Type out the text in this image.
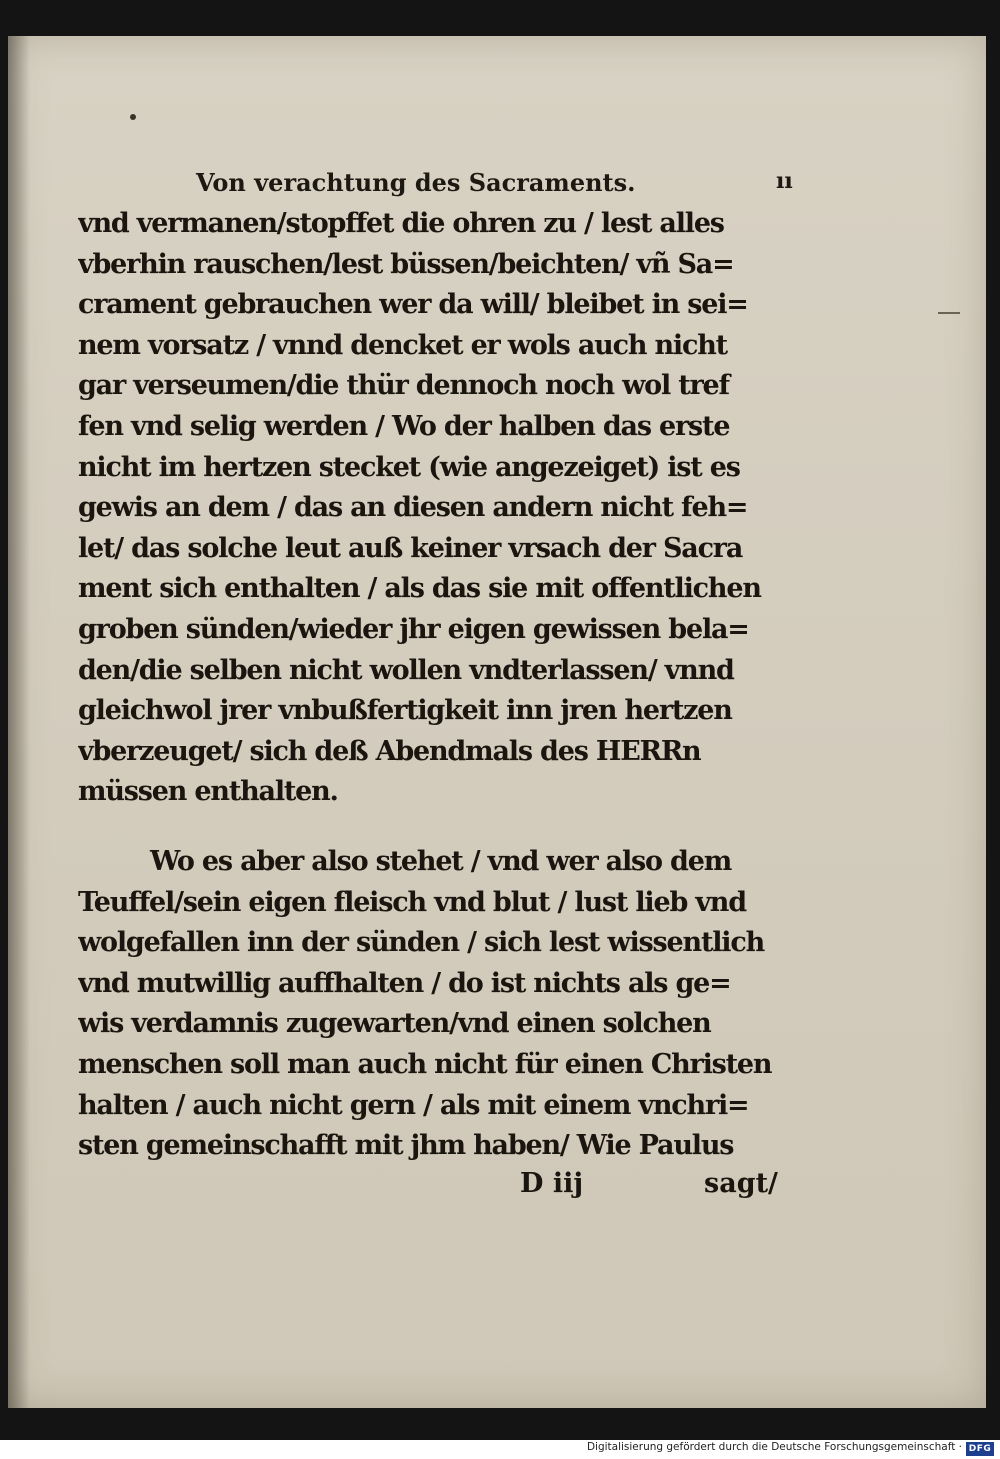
Von verachtung des Sacraments.	ıı
vnd vermanen/stopffet die ohren zu / lest alles
vberhin rauschen/lest büssen/beichten/ vñ Sa=
crament gebrauchen wer da will/ bleibet in sei=
nem vorsatz / vnnd dencket er wols auch nicht
gar verseumen/die thür dennoch noch wol tref
fen vnd selig werden / Wo der halben das erste
nicht im hertzen stecket (wie angezeiget) ist es
gewis an dem / das an diesen andern nicht feh=
let/ das solche leut auß keiner vrsach der Sacra
ment sich enthalten / als das sie mit offentlichen
groben sünden/wieder jhr eigen gewissen bela=
den/die selben nicht wollen vndterlassen/ vnnd
gleichwol jrer vnbußfertigkeit inn jren hertzen
vberzeuget/ sich deß Abendmals des HERRn
müssen enthalten.
Wo es aber also stehet / vnd wer also dem
Teuffel/sein eigen fleisch vnd blut / lust lieb vnd
wolgefallen inn der sünden / sich lest wissentlich
vnd mutwillig auffhalten / do ist nichts als ge=
wis verdamnis zugewarten/vnd einen solchen
menschen soll man auch nicht für einen Christen
halten / auch nicht gern / als mit einem vnchri=
sten gemeinschafft mit jhm haben/ Wie Paulus
D iij	sagt/
Digitalisierung gefördert durch die Deutsche Forschungsgemeinschaft · DFG
